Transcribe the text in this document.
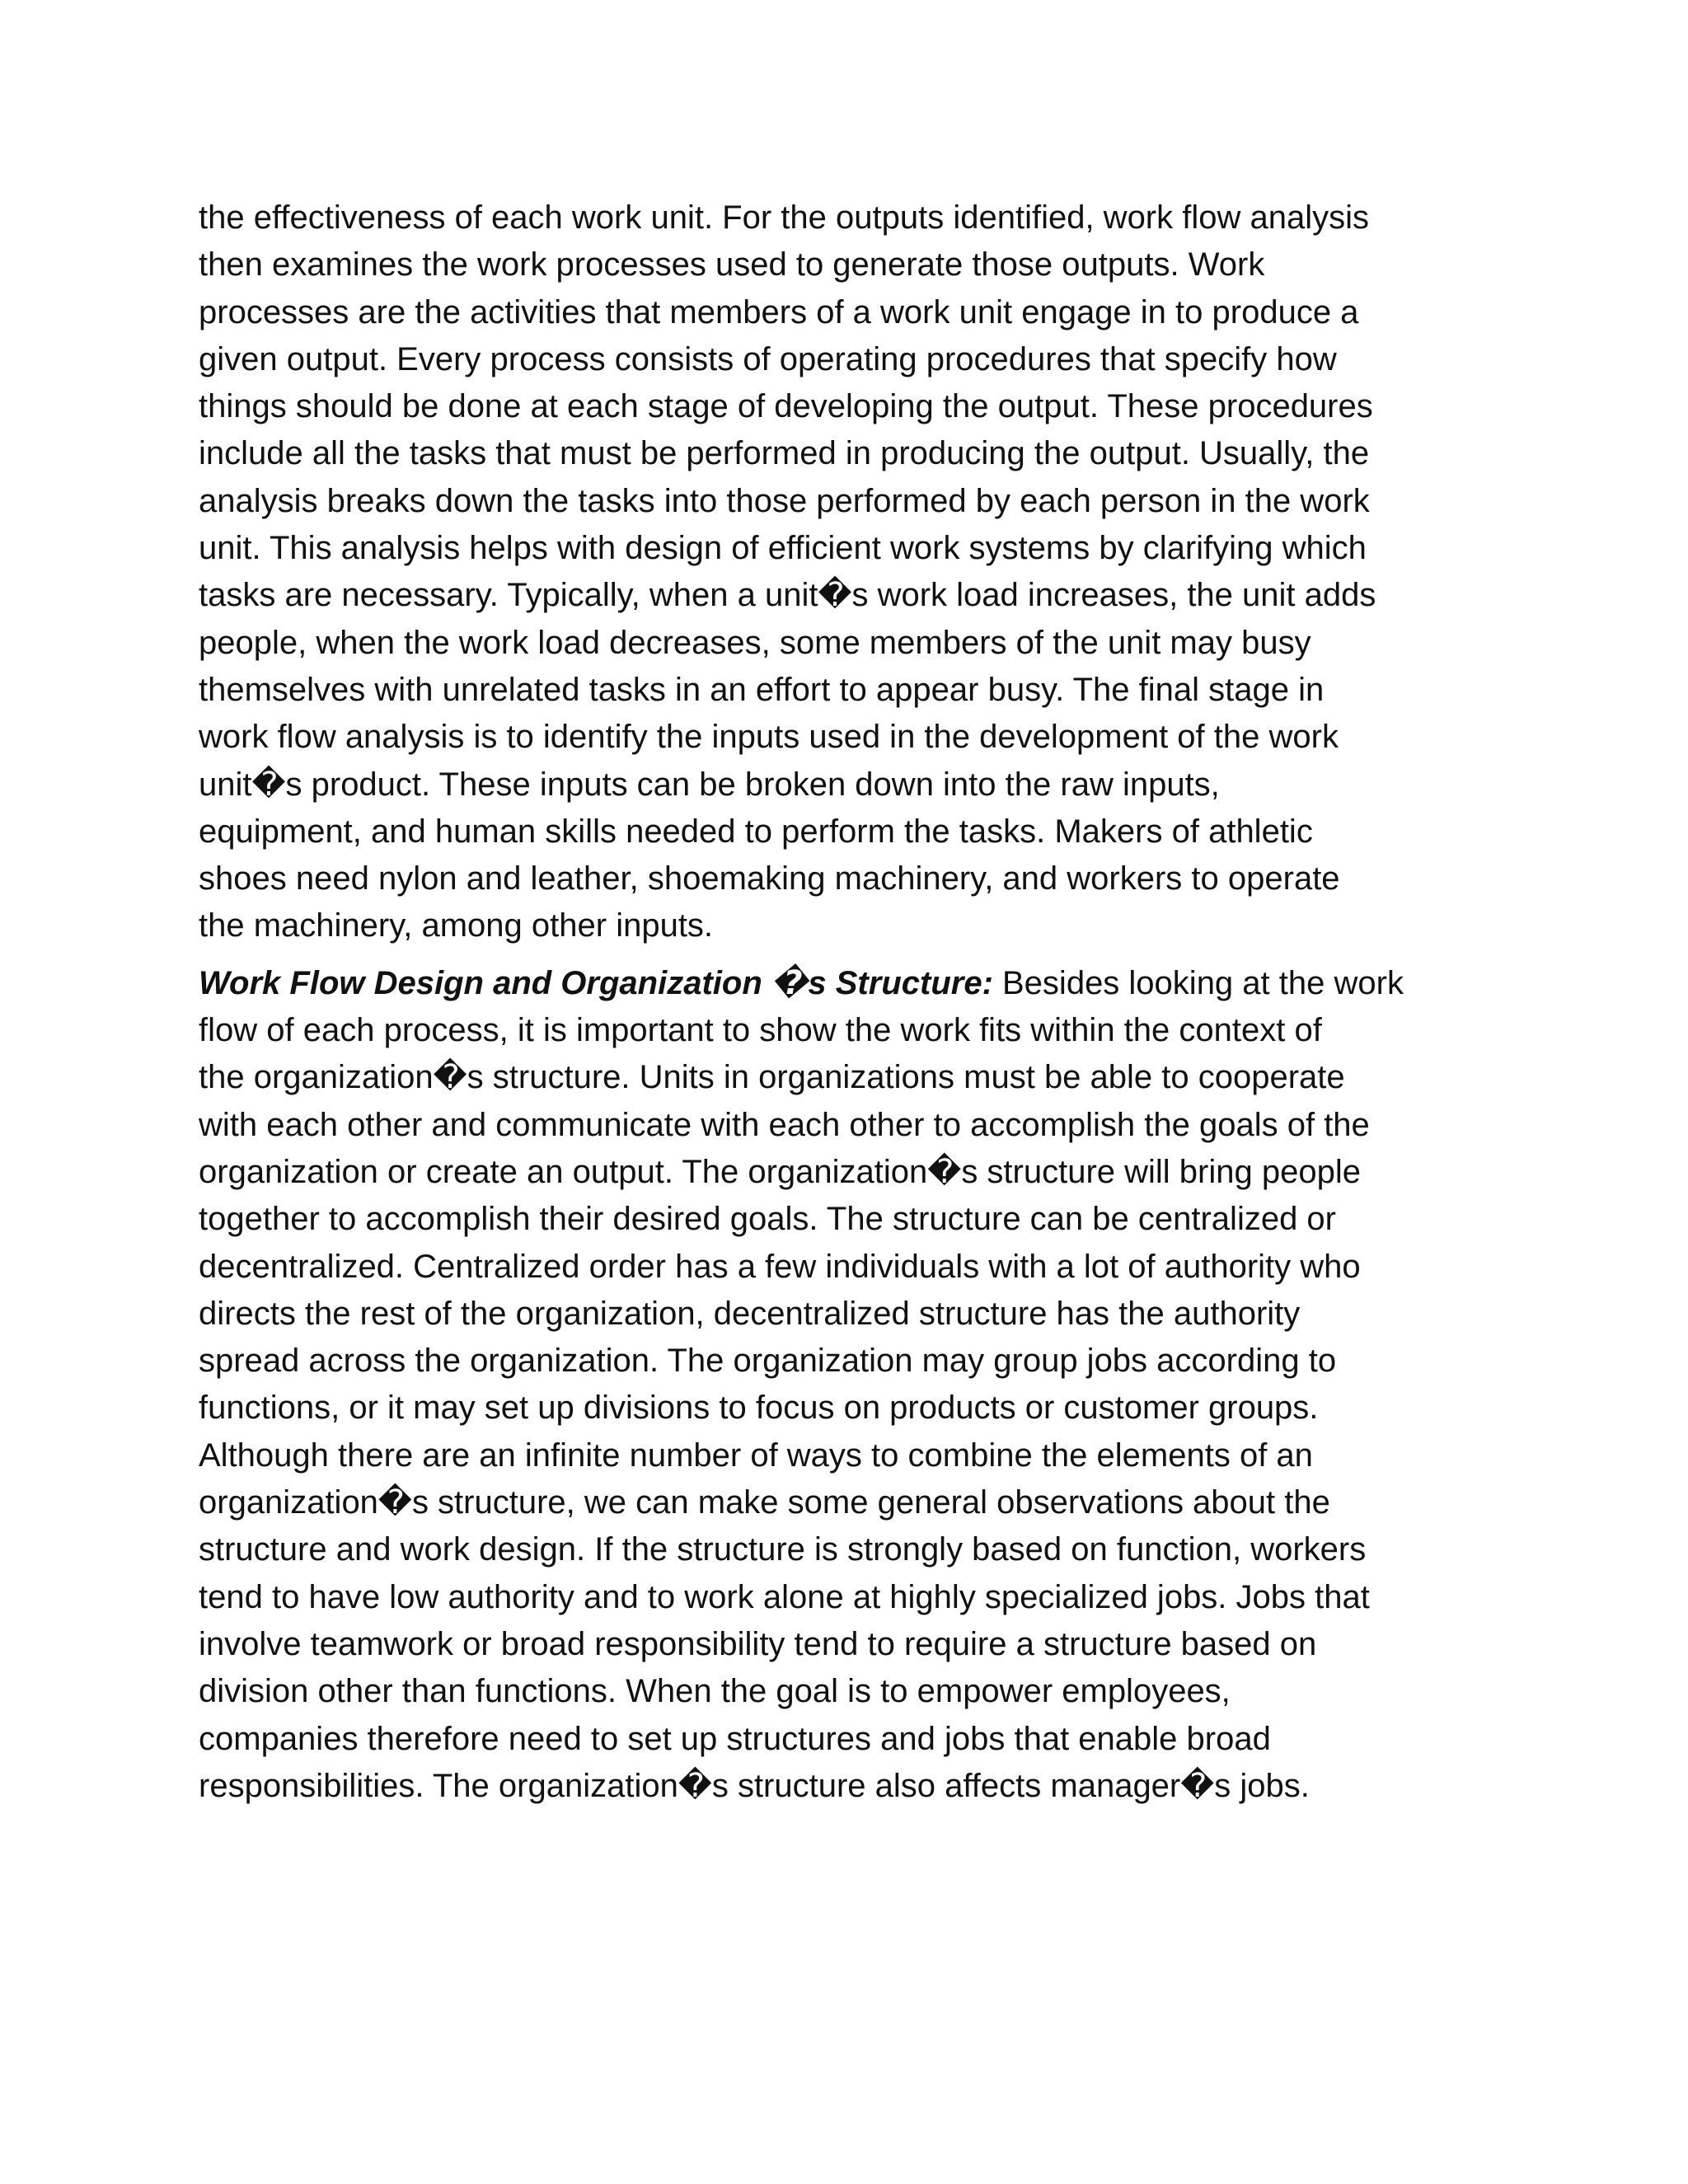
the effectiveness of each work unit. For the outputs identified, work flow analysis
then examines the work processes used to generate those outputs. Work
processes are the activities that members of a work unit engage in to produce a
given output. Every process consists of operating procedures that specify how
things should be done at each stage of developing the output. These procedures
include all the tasks that must be performed in producing the output. Usually, the
analysis breaks down the tasks into those performed by each person in the work
unit. This analysis helps with design of efficient work systems by clarifying which
tasks are necessary. Typically, when a unit�s work load increases, the unit adds
people, when the work load decreases, some members of the unit may busy
themselves with unrelated tasks in an effort to appear busy. The final stage in
work flow analysis is to identify the inputs used in the development of the work
unit�s product. These inputs can be broken down into the raw inputs,
equipment, and human skills needed to perform the tasks. Makers of athletic
shoes need nylon and leather, shoemaking machinery, and workers to operate
the machinery, among other inputs.

Work Flow Design and Organization �s Structure: Besides looking at the work
flow of each process, it is important to show the work fits within the context of
the organization�s structure. Units in organizations must be able to cooperate
with each other and communicate with each other to accomplish the goals of the
organization or create an output. The organization�s structure will bring people
together to accomplish their desired goals. The structure can be centralized or
decentralized. Centralized order has a few individuals with a lot of authority who
directs the rest of the organization, decentralized structure has the authority
spread across the organization. The organization may group jobs according to
functions, or it may set up divisions to focus on products or customer groups.
Although there are an infinite number of ways to combine the elements of an
organization�s structure, we can make some general observations about the
structure and work design. If the structure is strongly based on function, workers
tend to have low authority and to work alone at highly specialized jobs. Jobs that
involve teamwork or broad responsibility tend to require a structure based on
division other than functions. When the goal is to empower employees,
companies therefore need to set up structures and jobs that enable broad
responsibilities. The organization�s structure also affects manager�s jobs.
